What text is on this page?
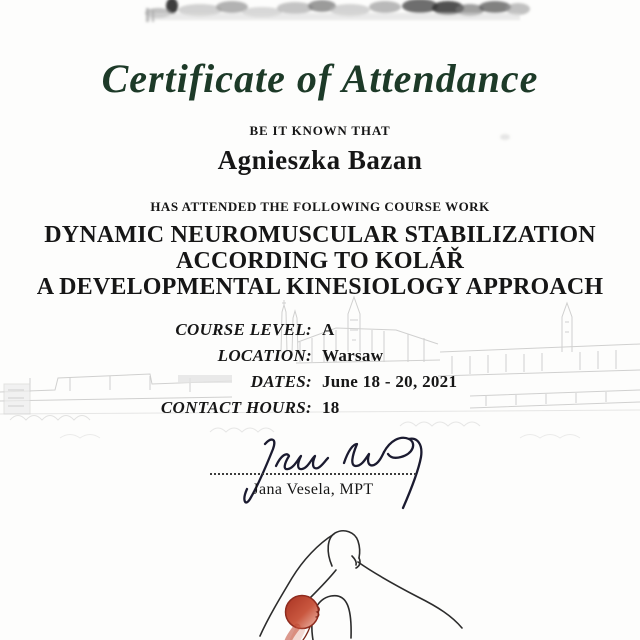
Certificate of Attendance
BE IT KNOWN THAT
Agnieszka Bazan
HAS ATTENDED THE FOLLOWING COURSE WORK
DYNAMIC NEUROMUSCULAR STABILIZATION
ACCORDING TO KOLÁŘ
A DEVELOPMENTAL KINESIOLOGY APPROACH
COURSE LEVEL: A
LOCATION: Warsaw
DATES: June 18 - 20, 2021
CONTACT HOURS: 18
Jana Vesela, MPT
